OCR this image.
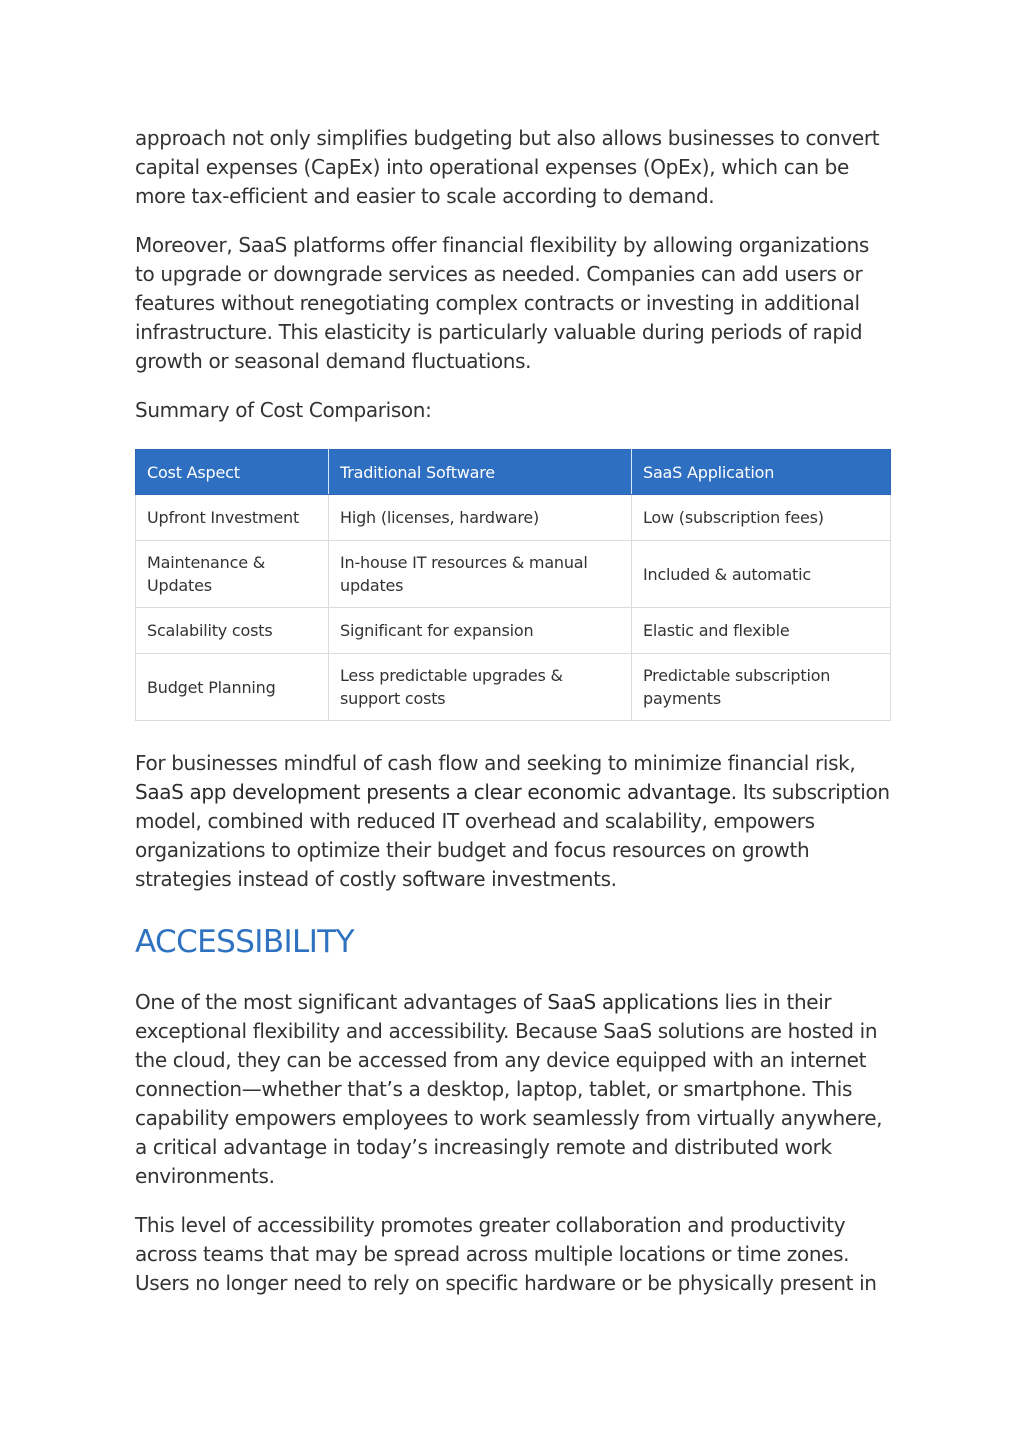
approach not only simplifies budgeting but also allows businesses to convert capital expenses (CapEx) into operational expenses (OpEx), which can be more tax-efficient and easier to scale according to demand.

Moreover, SaaS platforms offer financial flexibility by allowing organizations to upgrade or downgrade services as needed. Companies can add users or features without renegotiating complex contracts or investing in additional infrastructure. This elasticity is particularly valuable during periods of rapid growth or seasonal demand fluctuations.

Summary of Cost Comparison:

Cost Aspect	Traditional Software	SaaS Application
Upfront Investment	High (licenses, hardware)	Low (subscription fees)
Maintenance & Updates	In-house IT resources & manual updates	Included & automatic
Scalability costs	Significant for expansion	Elastic and flexible
Budget Planning	Less predictable upgrades & support costs	Predictable subscription payments

For businesses mindful of cash flow and seeking to minimize financial risk, SaaS app development presents a clear economic advantage. Its subscription model, combined with reduced IT overhead and scalability, empowers organizations to optimize their budget and focus resources on growth strategies instead of costly software investments.

ACCESSIBILITY

One of the most significant advantages of SaaS applications lies in their exceptional flexibility and accessibility. Because SaaS solutions are hosted in the cloud, they can be accessed from any device equipped with an internet connection—whether that’s a desktop, laptop, tablet, or smartphone. This capability empowers employees to work seamlessly from virtually anywhere, a critical advantage in today’s increasingly remote and distributed work environments.

This level of accessibility promotes greater collaboration and productivity across teams that may be spread across multiple locations or time zones. Users no longer need to rely on specific hardware or be physically present in
